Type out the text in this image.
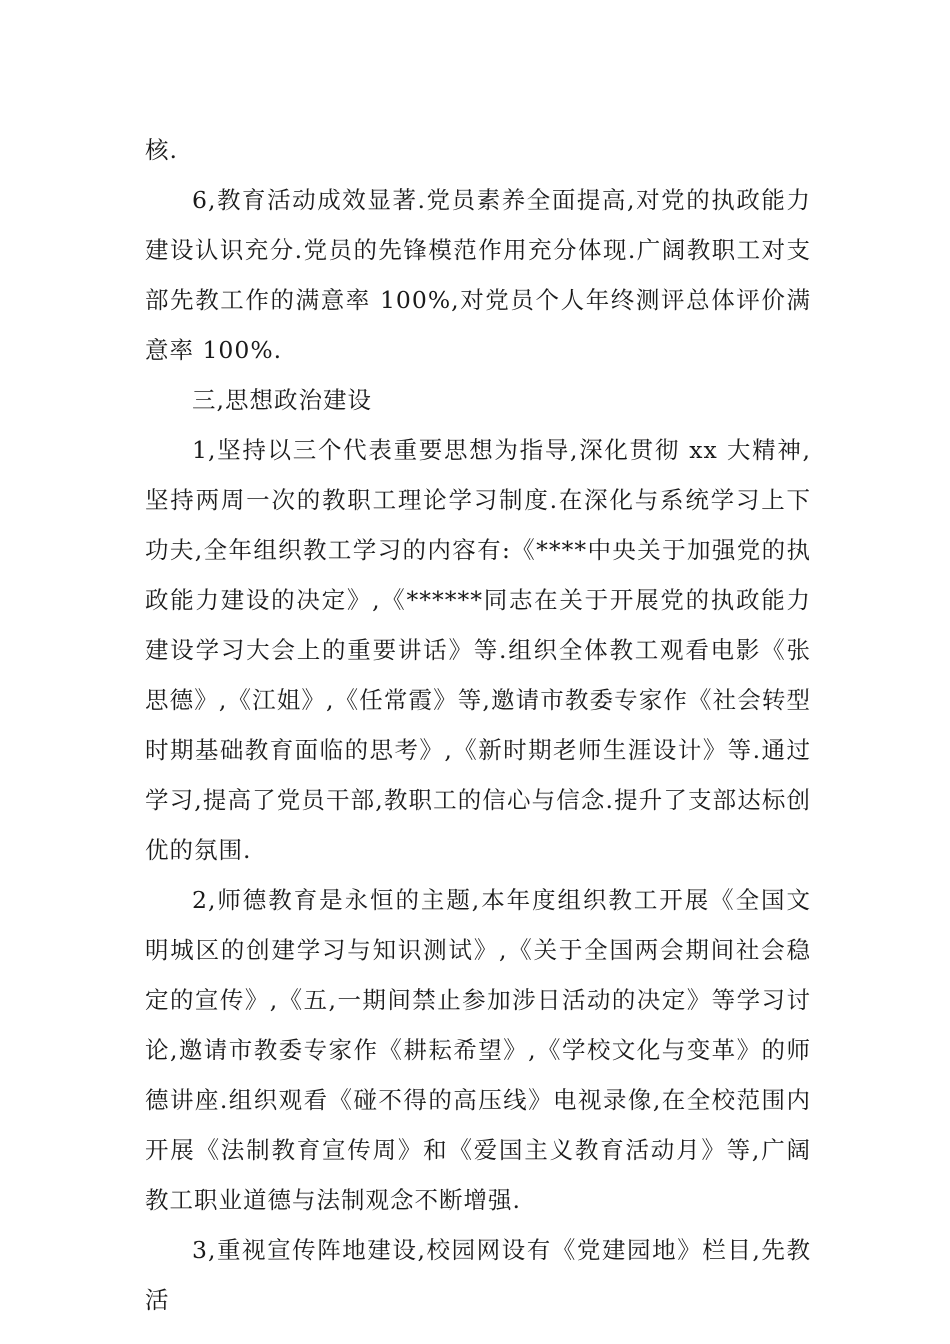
核.

6,教育活动成效显著.党员素养全面提高,对党的执政能力建设认识充分.党员的先锋模范作用充分体现.广阔教职工对支部先教工作的满意率 100%,对党员个人年终测评总体评价满意率 100%.

三,思想政治建设

1,坚持以三个代表重要思想为指导,深化贯彻 xx 大精神,坚持两周一次的教职工理论学习制度.在深化与系统学习上下功夫,全年组织教工学习的内容有:《****中央关于加强党的执政能力建设的决定》,《******同志在关于开展党的执政能力建设学习大会上的重要讲话》等.组织全体教工观看电影《张思德》,《江姐》,《任常霞》等,邀请市教委专家作《社会转型时期基础教育面临的思考》,《新时期老师生涯设计》等.通过学习,提高了党员干部,教职工的信心与信念.提升了支部达标创优的氛围.

2,师德教育是永恒的主题,本年度组织教工开展《全国文明城区的创建学习与知识测试》,《关于全国两会期间社会稳定的宣传》,《五,一期间禁止参加涉日活动的决定》等学习讨论,邀请市教委专家作《耕耘希望》,《学校文化与变革》的师德讲座.组织观看《碰不得的高压线》电视录像,在全校范围内开展《法制教育宣传周》和《爱国主义教育活动月》等,广阔教工职业道德与法制观念不断增强.

3,重视宣传阵地建设,校园网设有《党建园地》栏目,先教活
